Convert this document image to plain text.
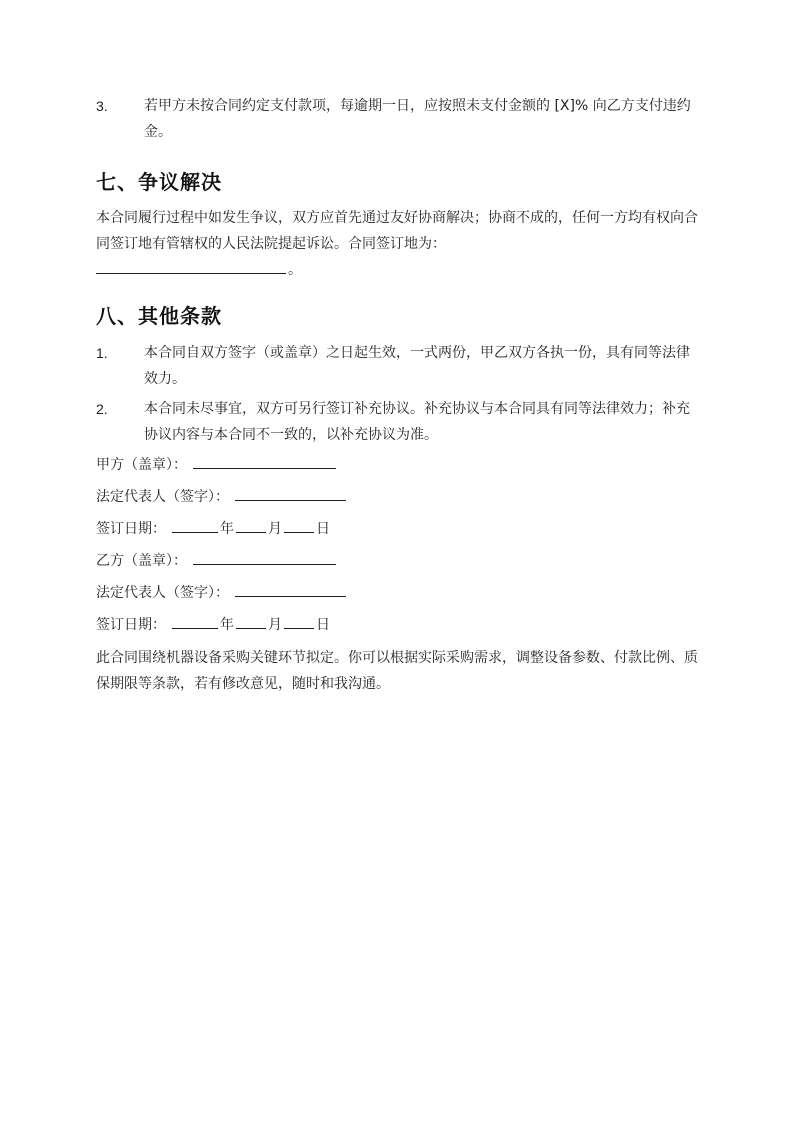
3.	若甲方未按合同约定支付款项，每逾期一日，应按照未支付金额的 [X]% 向乙方支付违约金。
七、争议解决
本合同履行过程中如发生争议，双方应首先通过友好协商解决；协商不成的，任何一方均有权向合同签订地有管辖权的人民法院提起诉讼。合同签订地为：
。
八、其他条款
1.	本合同自双方签字（或盖章）之日起生效，一式两份，甲乙双方各执一份，具有同等法律效力。
2.	本合同未尽事宜，双方可另行签订补充协议。补充协议与本合同具有同等法律效力；补充协议内容与本合同不一致的，以补充协议为准。
甲方（盖章）：
法定代表人（签字）：
签订日期：	年 月 日
乙方（盖章）：
法定代表人（签字）：
签订日期：	年 月 日
此合同围绕机器设备采购关键环节拟定。你可以根据实际采购需求，调整设备参数、付款比例、质保期限等条款，若有修改意见，随时和我沟通。
